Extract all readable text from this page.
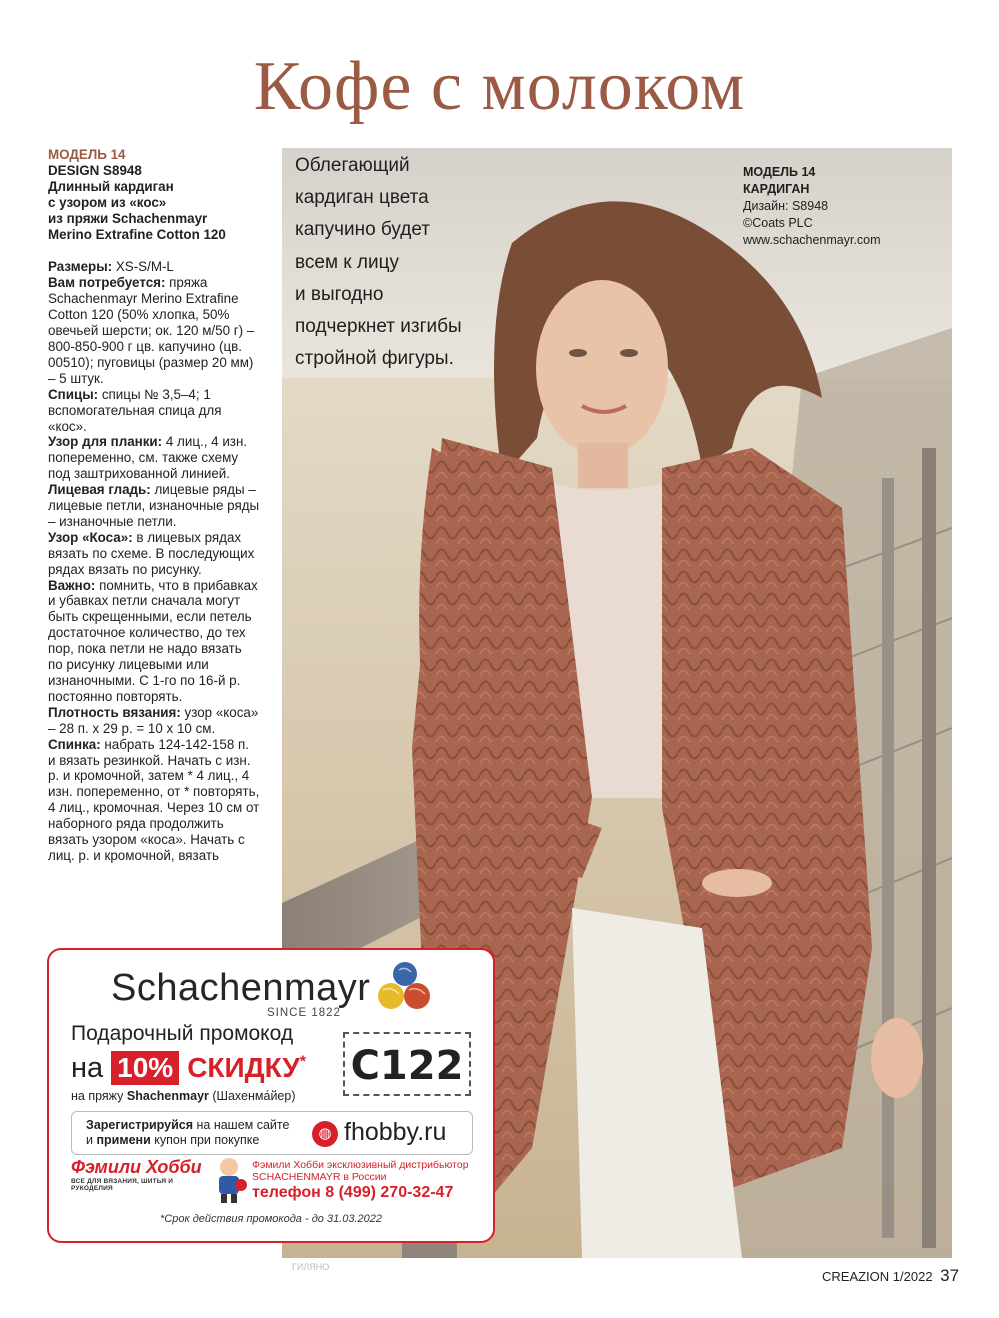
Кофе с молоком
МОДЕЛЬ 14
DESIGN S8948
Длинный кардиган
с узором из «кос»
из пряжи Schachenmayr
Merino Extrafine Cotton 120

Размеры: XS-S/M-L

Вам потребуется: пряжа Schachenmayr Merino Extrafine Cotton 120 (50% хлопка, 50% овечьей шерсти; ок. 120 м/50 г) – 800-850-900 г цв. капучино (цв. 00510); пуговицы (размер 20 мм) – 5 штук.

Спицы: спицы № 3,5–4; 1 вспомогательная спица для «кос».

Узор для планки: 4 лиц., 4 изн. попеременно, см. также схему под заштрихованной линией.

Лицевая гладь: лицевые ряды – лицевые петли, изнаночные ряды – изнаночные петли.

Узор «Коса»: в лицевых рядах вязать по схеме. В последующих рядах вязать по рисунку.

Важно: помнить, что в прибавках и убавках петли сначала могут быть скрещенными, если петель достаточное количество, до тех пор, пока петли не надо вязать по рисунку лицевыми или изнаночными. С 1-го по 16-й р. постоянно повторять.

Плотность вязания: узор «коса» – 28 п. х 29 р. = 10 х 10 см.

Спинка: набрать 124-142-158 п. и вязать резинкой. Начать с изн. р. и кромочной, затем * 4 лиц., 4 изн. попеременно, от * повторять, 4 лиц., кромочная. Через 10 см от наборного ряда продолжить вязать узором «коса». Начать с лиц. р. и кромочной, вязать

Облегающий
кардиган цвета
капучино будет
всем к лицу
и выгодно
подчеркнет изгибы
стройной фигуры.
МОДЕЛЬ 14
КАРДИГАН
Дизайн: S8948
©Coats PLC
www.schachenmayr.com
Schachenmayr
SINCE 1822
Подарочный промокод
на 10% СКИДКУ*
на пряжу Shachenmayr (Шахенма́йер)
C122
Зарегистрируйся на нашем сайте
и примени купон при покупке	◍ fhobby.ru
Фэмили Хобби
ВСЕ ДЛЯ ВЯЗАНИЯ, ШИТЬЯ И РУКОДЕЛИЯ
Фэмили Хобби эксклюзивный дистрибьютор
SCHACHENMAYR в России
телефон 8 (499) 270-32-47
*Срок действия промокода - до 31.03.2022
ГИЛЯНО
CREAZION 1/2022 37
